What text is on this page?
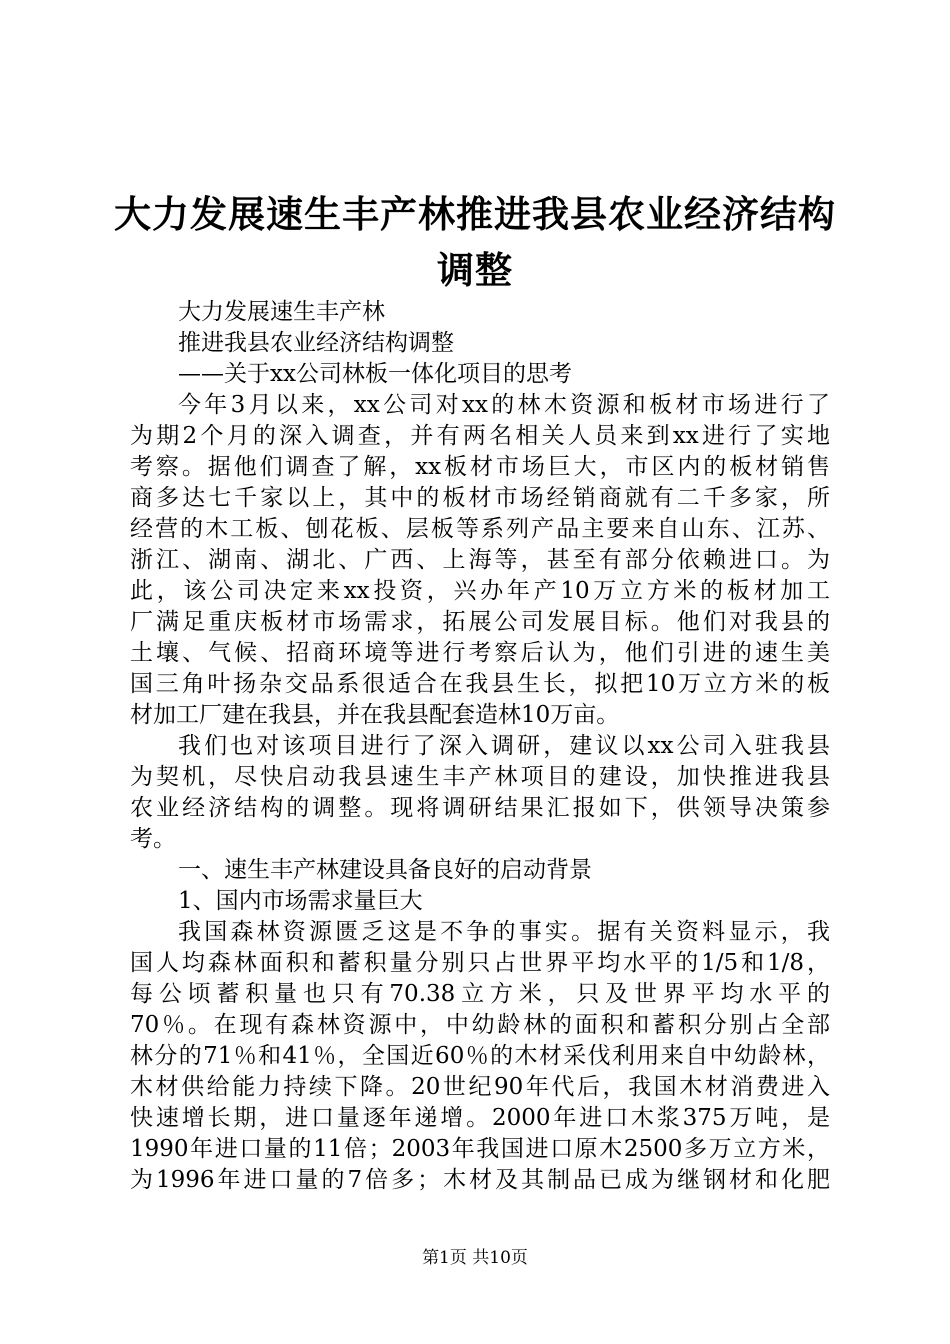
大力发展速生丰产林推进我县农业经济结构调整
大力发展速生丰产林
推进我县农业经济结构调整
——关于xx公司林板一体化项目的思考
今年3月以来，xx公司对xx的林木资源和板材市场进行了
为期2个月的深入调查，并有两名相关人员来到xx进行了实地
考察。据他们调查了解，xx板材市场巨大，市区内的板材销售
商多达七千家以上，其中的板材市场经销商就有二千多家，所
经营的木工板、刨花板、层板等系列产品主要来自山东、江苏、
浙江、湖南、湖北、广西、上海等，甚至有部分依赖进口。为
此，该公司决定来xx投资，兴办年产10万立方米的板材加工
厂满足重庆板材市场需求，拓展公司发展目标。他们对我县的
土壤、气候、招商环境等进行考察后认为，他们引进的速生美
国三角叶扬杂交品系很适合在我县生长，拟把10万立方米的板
材加工厂建在我县，并在我县配套造林10万亩。
我们也对该项目进行了深入调研，建议以xx公司入驻我县
为契机，尽快启动我县速生丰产林项目的建设，加快推进我县
农业经济结构的调整。现将调研结果汇报如下，供领导决策参
考。
一、速生丰产林建设具备良好的启动背景
1、国内市场需求量巨大
我国森林资源匮乏这是不争的事实。据有关资料显示，我
国人均森林面积和蓄积量分别只占世界平均水平的1/5和1/8，
每公顷蓄积量也只有70.38立方米，只及世界平均水平的
70％。在现有森林资源中，中幼龄林的面积和蓄积分别占全部
林分的71％和41％，全国近60％的木材采伐利用来自中幼龄林，
木材供给能力持续下降。20世纪90年代后，我国木材消费进入
快速增长期，进口量逐年递增。2000年进口木浆375万吨，是
1990年进口量的11倍；2003年我国进口原木2500多万立方米，
为1996年进口量的7倍多；木材及其制品已成为继钢材和化肥
第1页 共10页
